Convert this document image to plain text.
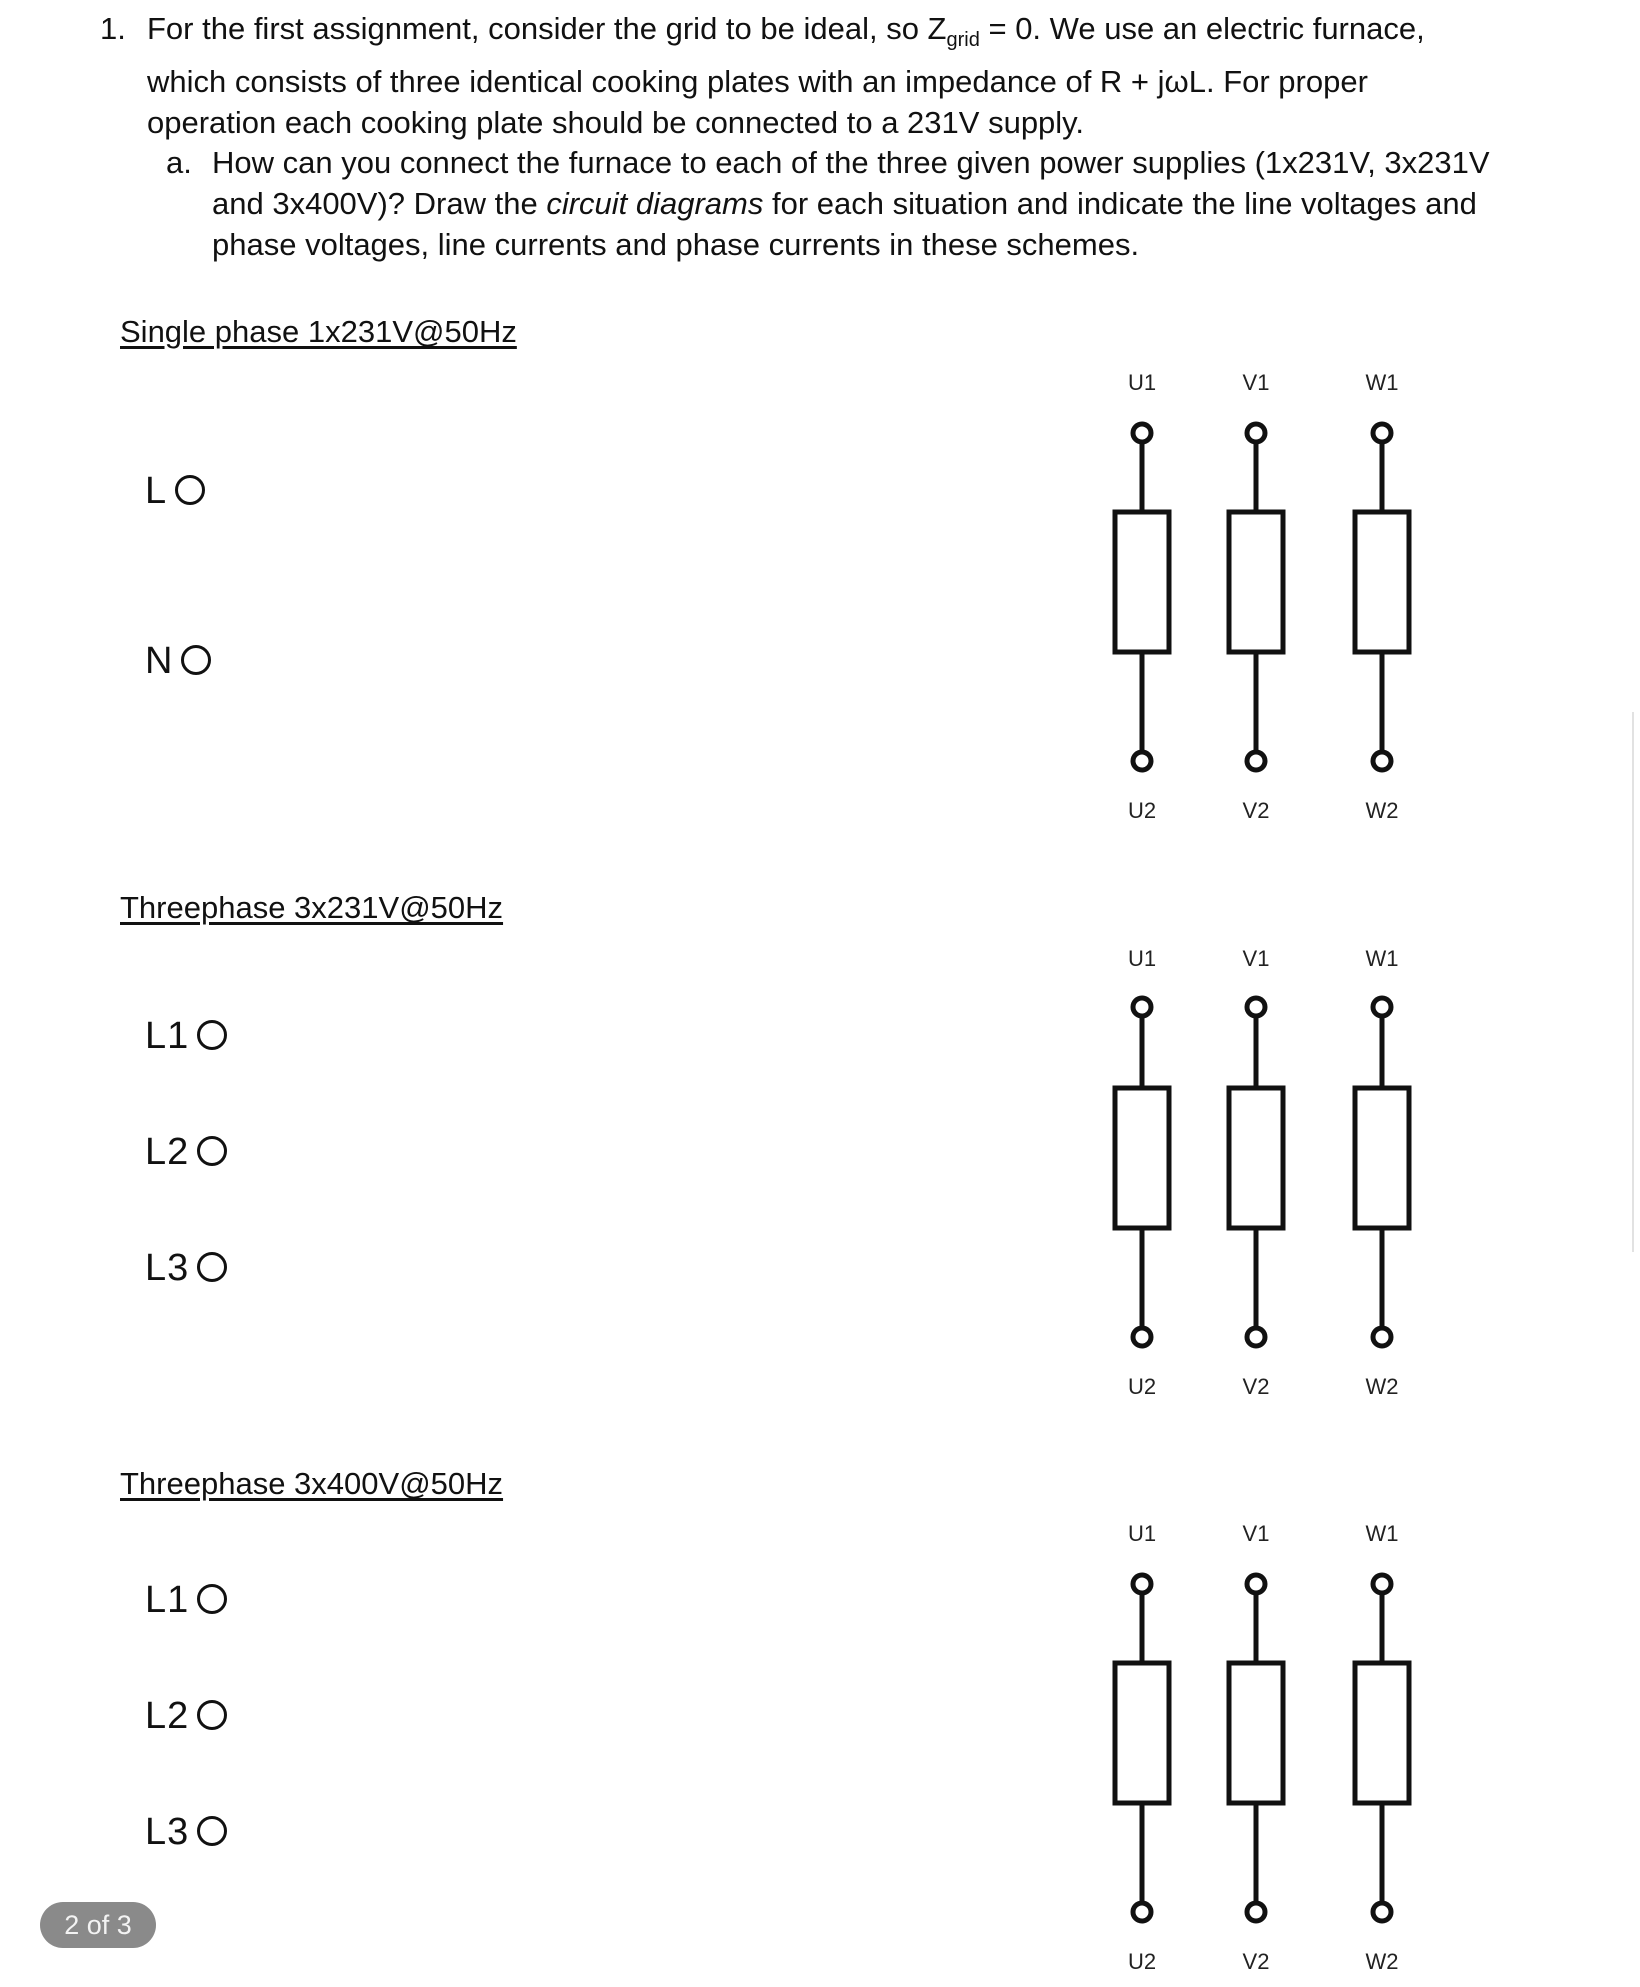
1. For the first assignment, consider the grid to be ideal, so $Z_{grid} = 0$. We use an electric furnace, which consists of three identical cooking plates with an impedance of R + jωL. For proper operation each cooking plate should be connected to a 231V supply.
a. How can you connect the furnace to each of the three given power supplies (1x231V, 3x231V and 3x400V)? Draw the circuit diagrams for each situation and indicate the line voltages and phase voltages, line currents and phase currents in these schemes.
Single phase 1x231V@50Hz
L
N
Threephase 3x231V@50Hz
L1
L2
L3
Threephase 3x400V@50Hz
L1
L2
L3
U1	V1	W1
U2	V2	W2
U1	V1	W1
U2	V2	W2
U1	V1	W1
U2	V2	W2
2 of 3
